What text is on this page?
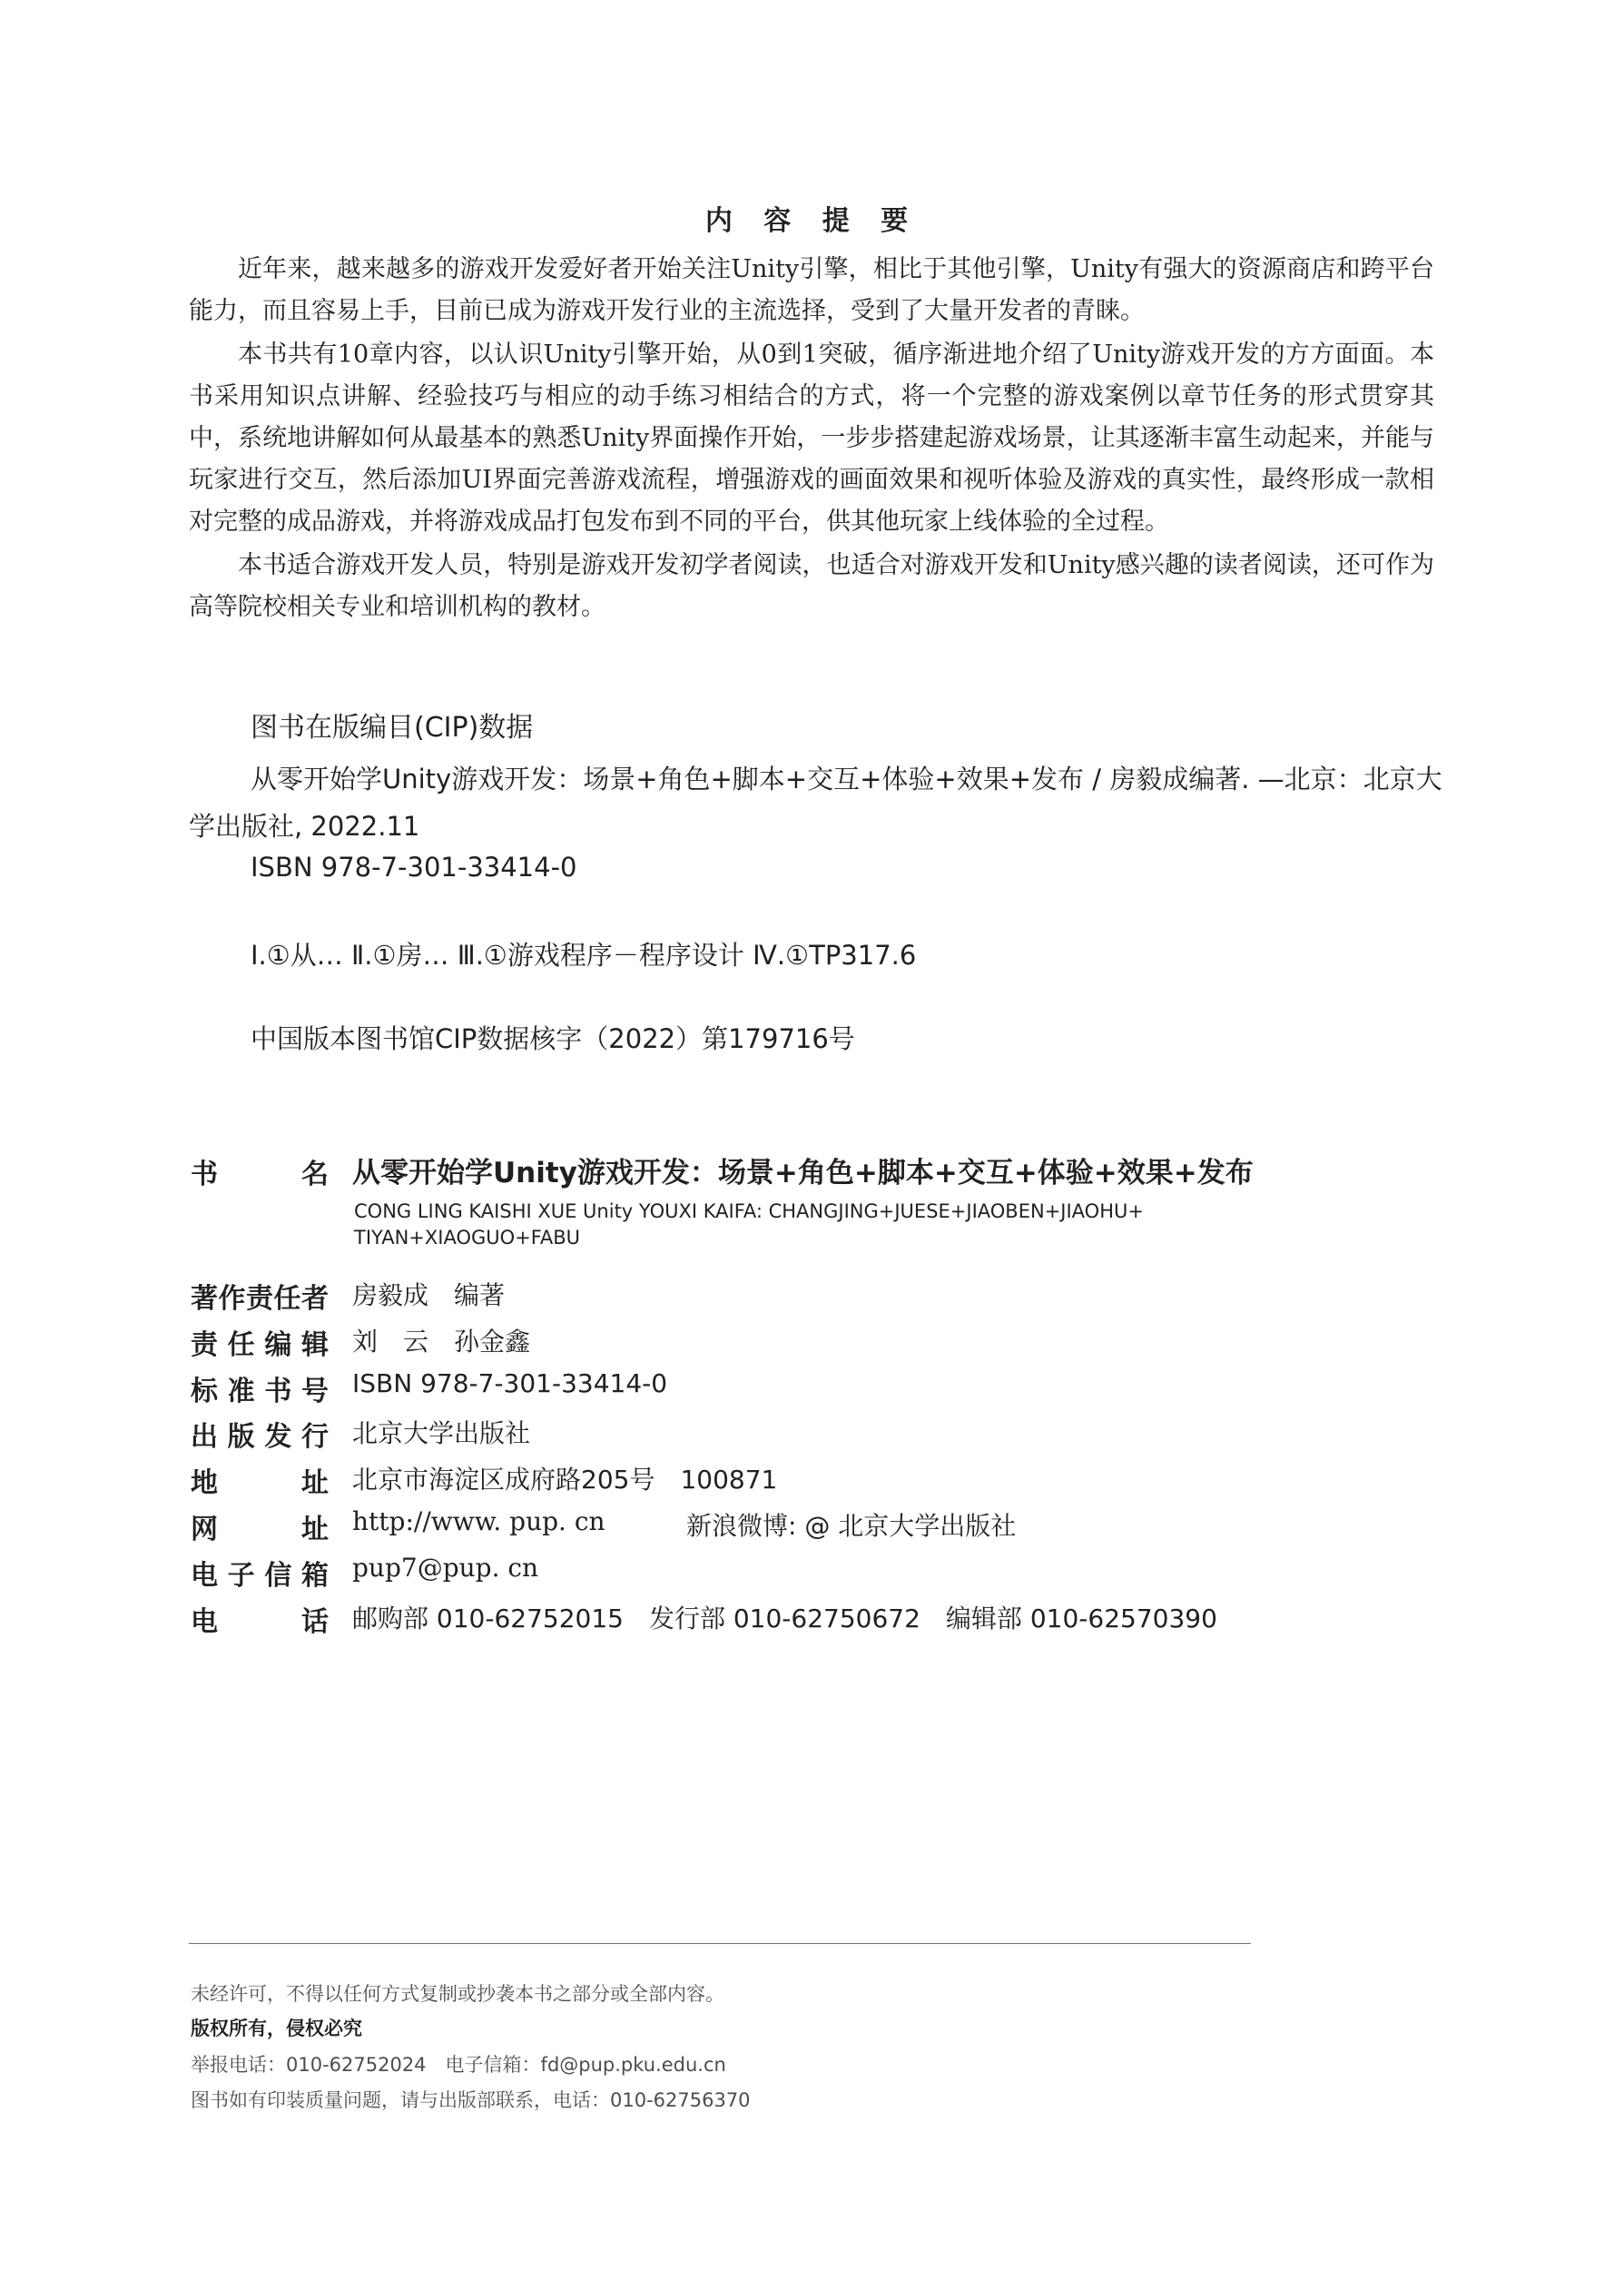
内 容 提 要
近年来，越来越多的游戏开发爱好者开始关注Unity引擎，相比于其他引擎，Unity有强大的资源商店和跨平台能力，而且容易上手，目前已成为游戏开发行业的主流选择，受到了大量开发者的青睐。
本书共有10章内容，以认识Unity引擎开始，从0到1突破，循序渐进地介绍了Unity游戏开发的方方面面。本书采用知识点讲解、经验技巧与相应的动手练习相结合的方式，将一个完整的游戏案例以章节任务的形式贯穿其中，系统地讲解如何从最基本的熟悉Unity界面操作开始，一步步搭建起游戏场景，让其逐渐丰富生动起来，并能与玩家进行交互，然后添加UI界面完善游戏流程，增强游戏的画面效果和视听体验及游戏的真实性，最终形成一款相对完整的成品游戏，并将游戏成品打包发布到不同的平台，供其他玩家上线体验的全过程。
本书适合游戏开发人员，特别是游戏开发初学者阅读，也适合对游戏开发和Unity感兴趣的读者阅读，还可作为高等院校相关专业和培训机构的教材。
图书在版编目(CIP)数据
从零开始学Unity游戏开发：场景+角色+脚本+交互+体验+效果+发布 / 房毅成编著. —北京：北京大学出版社, 2022.11
ISBN 978-7-301-33414-0
Ⅰ.①从… Ⅱ.①房… Ⅲ.①游戏程序－程序设计 Ⅳ.①TP317.6
中国版本图书馆CIP数据核字（2022）第179716号
书名 从零开始学Unity游戏开发：场景+角色+脚本+交互+体验+效果+发布
CONG LING KAISHI XUE Unity YOUXI KAIFA: CHANGJING+JUESE+JIAOBEN+JIAOHU+
TIYAN+XIAOGUO+FABU
著作责任者 房毅成　编著
责任编辑 刘　云　孙金鑫
标准书号 ISBN 978-7-301-33414-0
出版发行 北京大学出版社
地址 北京市海淀区成府路205号　100871
网址 http://www. pup. cn	新浪微博: @ 北京大学出版社
电子信箱 pup7@pup. cn
电话 邮购部 010-62752015　发行部 010-62750672　编辑部 010-62570390
未经许可，不得以任何方式复制或抄袭本书之部分或全部内容。
版权所有，侵权必究
举报电话：010-62752024　电子信箱：fd@pup.pku.edu.cn
图书如有印装质量问题，请与出版部联系，电话：010-62756370
